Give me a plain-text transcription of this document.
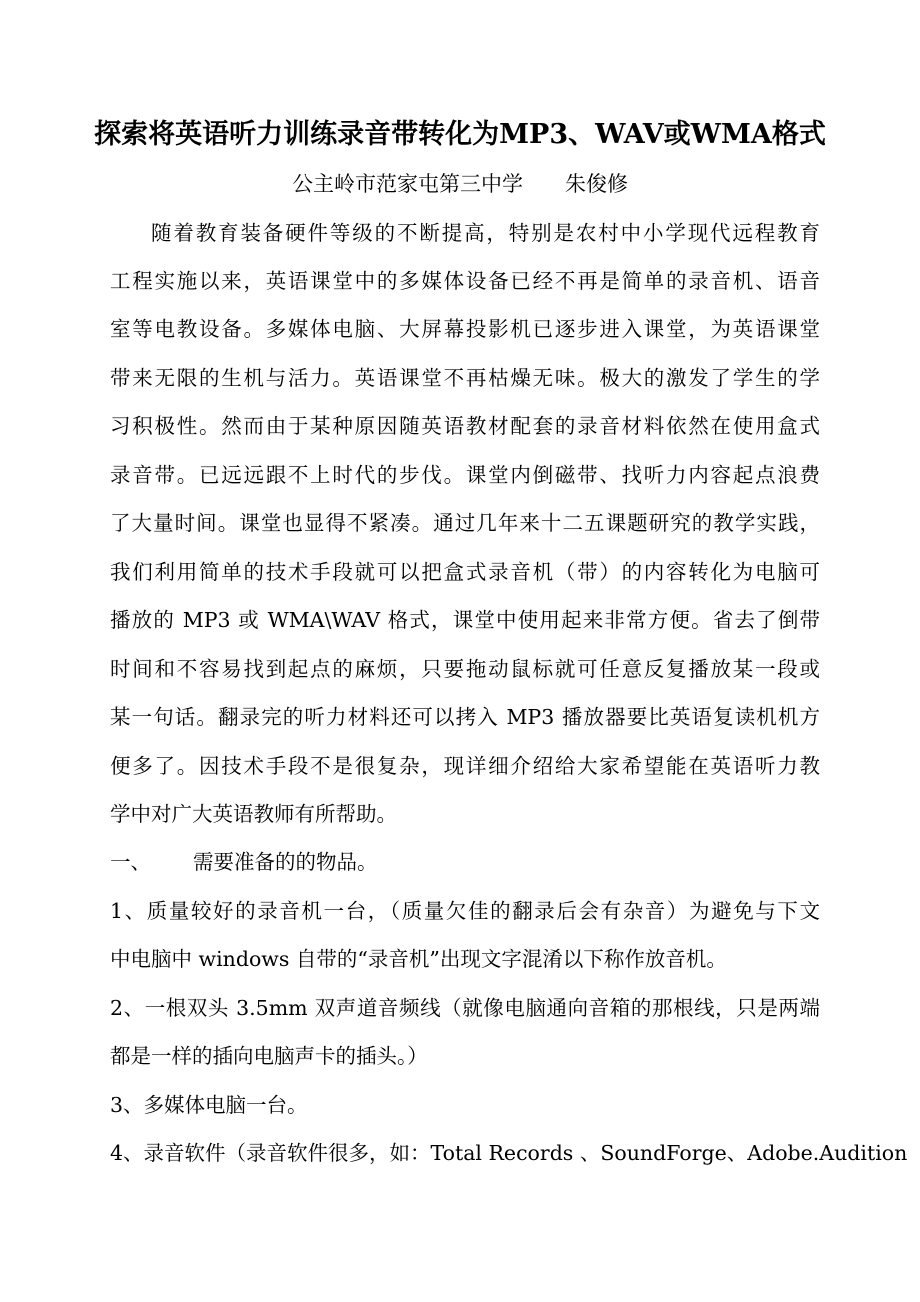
探索将英语听力训练录音带转化为MP3、WAV或WMA格式
公主岭市范家屯第三中学 朱俊修
随着教育装备硬件等级的不断提高，特别是农村中小学现代远程教育
工程实施以来，英语课堂中的多媒体设备已经不再是简单的录音机、语音
室等电教设备。多媒体电脑、大屏幕投影机已逐步进入课堂，为英语课堂
带来无限的生机与活力。英语课堂不再枯燥无味。极大的激发了学生的学
习积极性。然而由于某种原因随英语教材配套的录音材料依然在使用盒式
录音带。已远远跟不上时代的步伐。课堂内倒磁带、找听力内容起点浪费
了大量时间。课堂也显得不紧凑。通过几年来十二五课题研究的教学实践，
我们利用简单的技术手段就可以把盒式录音机（带）的内容转化为电脑可
播放的 MP3 或 WMA\WAV 格式，课堂中使用起来非常方便。省去了倒带
时间和不容易找到起点的麻烦，只要拖动鼠标就可任意反复播放某一段或
某一句话。翻录完的听力材料还可以拷入 MP3 播放器要比英语复读机机方
便多了。因技术手段不是很复杂，现详细介绍给大家希望能在英语听力教
学中对广大英语教师有所帮助。
一、 需要准备的的物品。
1、质量较好的录音机一台，（质量欠佳的翻录后会有杂音）为避免与下文
中电脑中 windows 自带的“录音机”出现文字混淆以下称作放音机。
2、一根双头 3.5mm 双声道音频线（就像电脑通向音箱的那根线，只是两端
都是一样的插向电脑声卡的插头。）
3、多媒体电脑一台。
4、录音软件（录音软件很多，如：Total Records 、SoundForge、Adobe.Audition
